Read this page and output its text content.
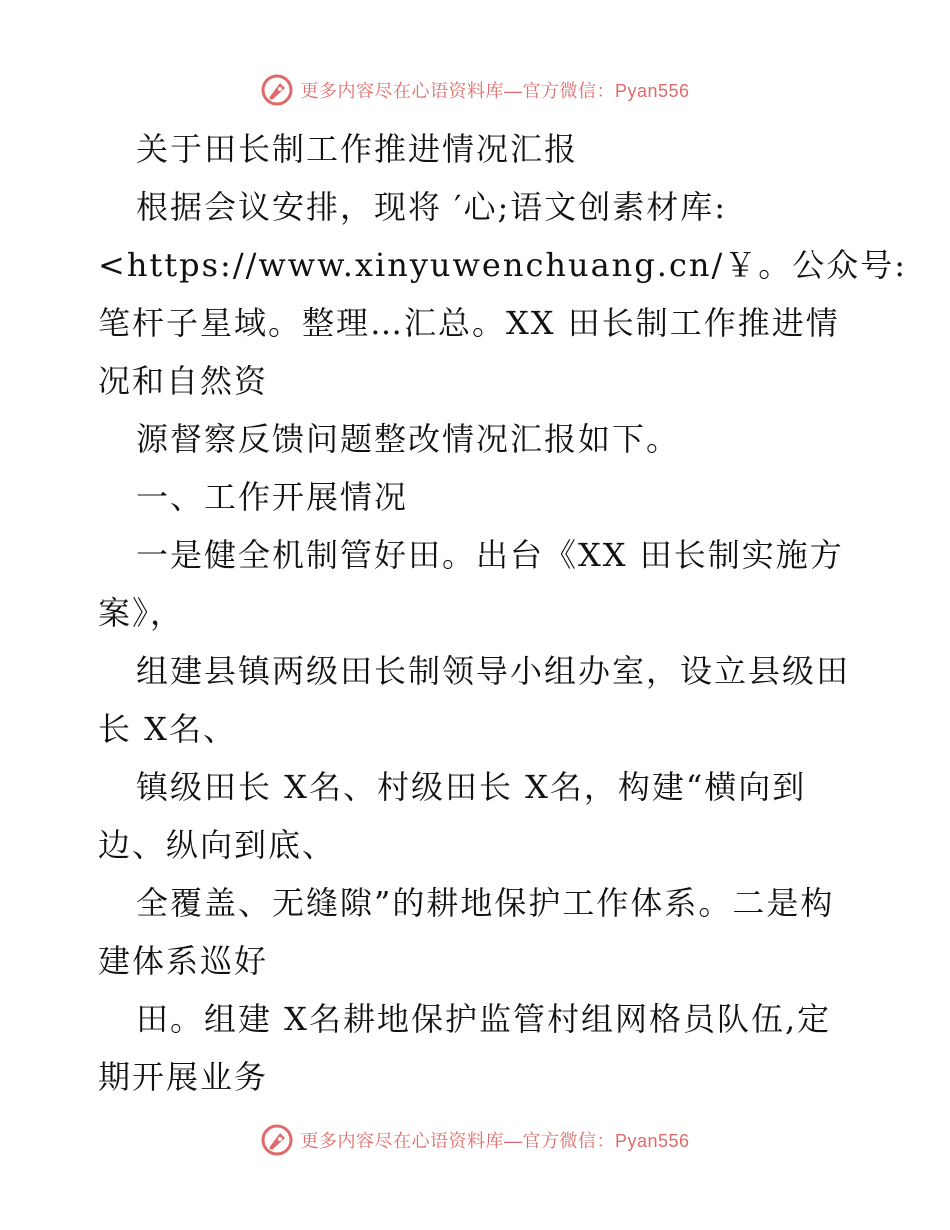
更多内容尽在心语资料库—官方微信：Pyan556
关于田长制工作推进情况汇报
根据会议安排，现将 ′心;语文创素材库:
<https://www.xinyuwenchuang.cn/￥。公众号:
笔杆子星域。整理…汇总。XX 田长制工作推进情
况和自然资
源督察反馈问题整改情况汇报如下。
一、工作开展情况
一是健全机制管好田。出台《XX 田长制实施方
案》，
组建县镇两级田长制领导小组办室，设立县级田
长 X名、
镇级田长 X名、村级田长 X名，构建“横向到
边、纵向到底、
全覆盖、无缝隙”的耕地保护工作体系。二是构
建体系巡好
田。组建 X名耕地保护监管村组网格员队伍,定
期开展业务
更多内容尽在心语资料库—官方微信：Pyan556
